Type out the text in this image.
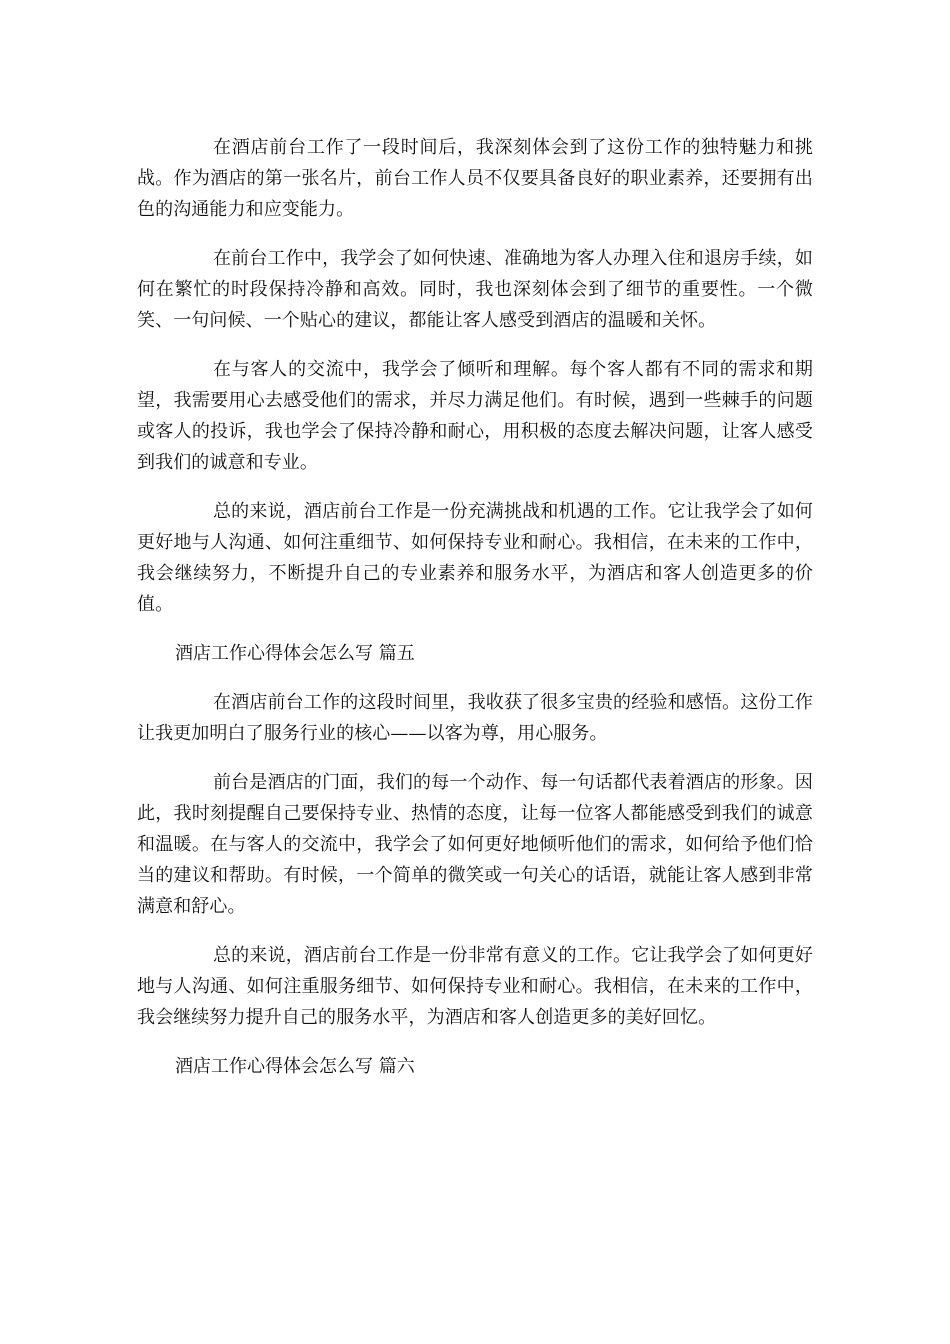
在酒店前台工作了一段时间后，我深刻体会到了这份工作的独特魅力和挑战。作为酒店的第一张名片，前台工作人员不仅要具备良好的职业素养，还要拥有出色的沟通能力和应变能力。

在前台工作中，我学会了如何快速、准确地为客人办理入住和退房手续，如何在繁忙的时段保持冷静和高效。同时，我也深刻体会到了细节的重要性。一个微笑、一句问候、一个贴心的建议，都能让客人感受到酒店的温暖和关怀。

在与客人的交流中，我学会了倾听和理解。每个客人都有不同的需求和期望，我需要用心去感受他们的需求，并尽力满足他们。有时候，遇到一些棘手的问题或客人的投诉，我也学会了保持冷静和耐心，用积极的态度去解决问题，让客人感受到我们的诚意和专业。

总的来说，酒店前台工作是一份充满挑战和机遇的工作。它让我学会了如何更好地与人沟通、如何注重细节、如何保持专业和耐心。我相信，在未来的工作中，我会继续努力，不断提升自己的专业素养和服务水平，为酒店和客人创造更多的价值。

酒店工作心得体会怎么写 篇五

在酒店前台工作的这段时间里，我收获了很多宝贵的经验和感悟。这份工作让我更加明白了服务行业的核心——以客为尊，用心服务。

前台是酒店的门面，我们的每一个动作、每一句话都代表着酒店的形象。因此，我时刻提醒自己要保持专业、热情的态度，让每一位客人都能感受到我们的诚意和温暖。在与客人的交流中，我学会了如何更好地倾听他们的需求，如何给予他们恰当的建议和帮助。有时候，一个简单的微笑或一句关心的话语，就能让客人感到非常满意和舒心。

总的来说，酒店前台工作是一份非常有意义的工作。它让我学会了如何更好地与人沟通、如何注重服务细节、如何保持专业和耐心。我相信，在未来的工作中，我会继续努力提升自己的服务水平，为酒店和客人创造更多的美好回忆。

酒店工作心得体会怎么写 篇六
